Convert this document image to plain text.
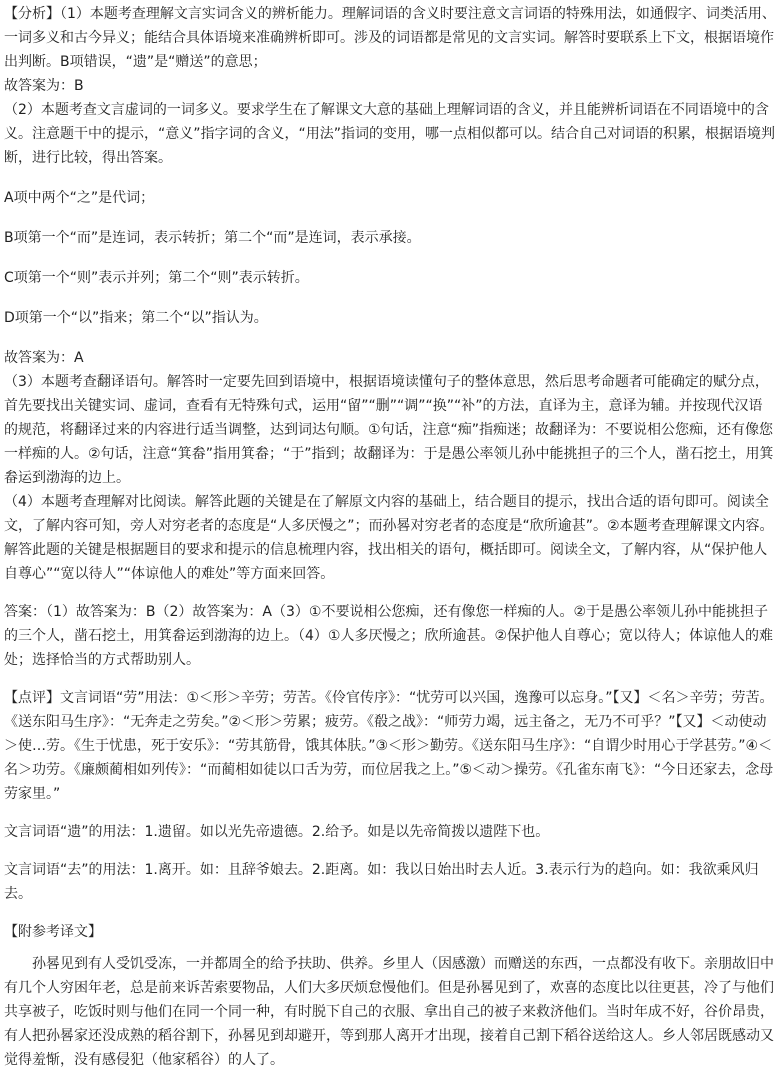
【分析】（1）本题考查理解文言实词含义的辨析能力。理解词语的含义时要注意文言词语的特殊用法，如通假字、词类活用、一词多义和古今异义；能结合具体语境来准确辨析即可。涉及的词语都是常见的文言实词。解答时要联系上下文，根据语境作出判断。B项错误，“遗”是“赠送”的意思；

故答案为：B

（2）本题考查文言虚词的一词多义。要求学生在了解课文大意的基础上理解词语的含义，并且能辨析词语在不同语境中的含义。注意题干中的提示，“意义”指字词的含义，“用法”指词的变用，哪一点相似都可以。结合自己对词语的积累，根据语境判断，进行比较，得出答案。

A项中两个“之”是代词；

B项第一个“而”是连词，表示转折；第二个“而”是连词，表示承接。

C项第一个“则”表示并列；第二个“则”表示转折。

D项第一个“以”指来；第二个“以”指认为。

故答案为：A

（3）本题考查翻译语句。解答时一定要先回到语境中，根据语境读懂句子的整体意思，然后思考命题者可能确定的赋分点，首先要找出关键实词、虚词，查看有无特殊句式，运用“留”“删”“调”“换”“补”的方法，直译为主，意译为辅。并按现代汉语的规范，将翻译过来的内容进行适当调整，达到词达句顺。①句话，注意“痴”指痴迷；故翻译为：不要说相公您痴，还有像您一样痴的人。②句话，注意“箕畚”指用箕畚；“于”指到；故翻译为：于是愚公率领儿孙中能挑担子的三个人，凿石挖土，用箕畚运到渤海的边上。

（4）本题考查理解对比阅读。解答此题的关键是在了解原文内容的基础上，结合题目的提示，找出合适的语句即可。阅读全文，了解内容可知，旁人对穷老者的态度是“人多厌慢之”；而孙晷对穷老者的态度是“欣所逾甚”。②本题考查理解课文内容。解答此题的关键是根据题目的要求和提示的信息梳理内容，找出相关的语句，概括即可。阅读全文，了解内容，从“保护他人自尊心”“宽以待人”“体谅他人的难处”等方面来回答。

答案：（1）故答案为：B（2）故答案为：A（3）①不要说相公您痴，还有像您一样痴的人。②于是愚公率领儿孙中能挑担子的三个人，凿石挖土，用箕畚运到渤海的边上。（4）①人多厌慢之；欣所逾甚。②保护他人自尊心；宽以待人；体谅他人的难处；选择恰当的方式帮助别人。

【点评】文言词语“劳”用法：①＜形＞辛劳；劳苦。《伶官传序》：“忧劳可以兴国，逸豫可以忘身。”【又】＜名＞辛劳；劳苦。《送东阳马生序》：“无奔走之劳矣。”②＜形＞劳累；疲劳。《殽之战》：“师劳力竭，远主备之，无乃不可乎？”【又】＜动使动＞使…劳。《生于忧患，死于安乐》：“劳其筋骨，饿其体肤。”③＜形＞勤劳。《送东阳马生序》：“自谓少时用心于学甚劳。”④＜名＞功劳。《廉颇蔺相如列传》：“而蔺相如徒以口舌为劳，而位居我之上。”⑤＜动＞操劳。《孔雀东南飞》：“今日还家去，念母劳家里。”

文言词语“遗”的用法：1.遗留。如以光先帝遗德。2.给予。如是以先帝简拨以遗陛下也。

文言词语“去”的用法：1.离开。如：且辞爷娘去。2.距离。如：我以日始出时去人近。3.表示行为的趋向。如：我欲乘风归去。

【附参考译文】

孙晷见到有人受饥受冻，一并都周全的给予扶助、供养。乡里人（因感激）而赠送的东西，一点都没有收下。亲朋故旧中有几个人穷困年老，总是前来诉苦索要物品，人们大多厌烦怠慢他们。但是孙晷见到了，欢喜的态度比以往更甚，冷了与他们共享被子，吃饭时则与他们在同一个同一种，有时脱下自己的衣服、拿出自己的被子来救济他们。当时年成不好，谷价昂贵，有人把孙晷家还没成熟的稻谷割下，孙晷见到却避开，等到那人离开才出现，接着自己割下稻谷送给这人。乡人邻居既感动又觉得羞惭，没有感侵犯（他家稻谷）的人了。
